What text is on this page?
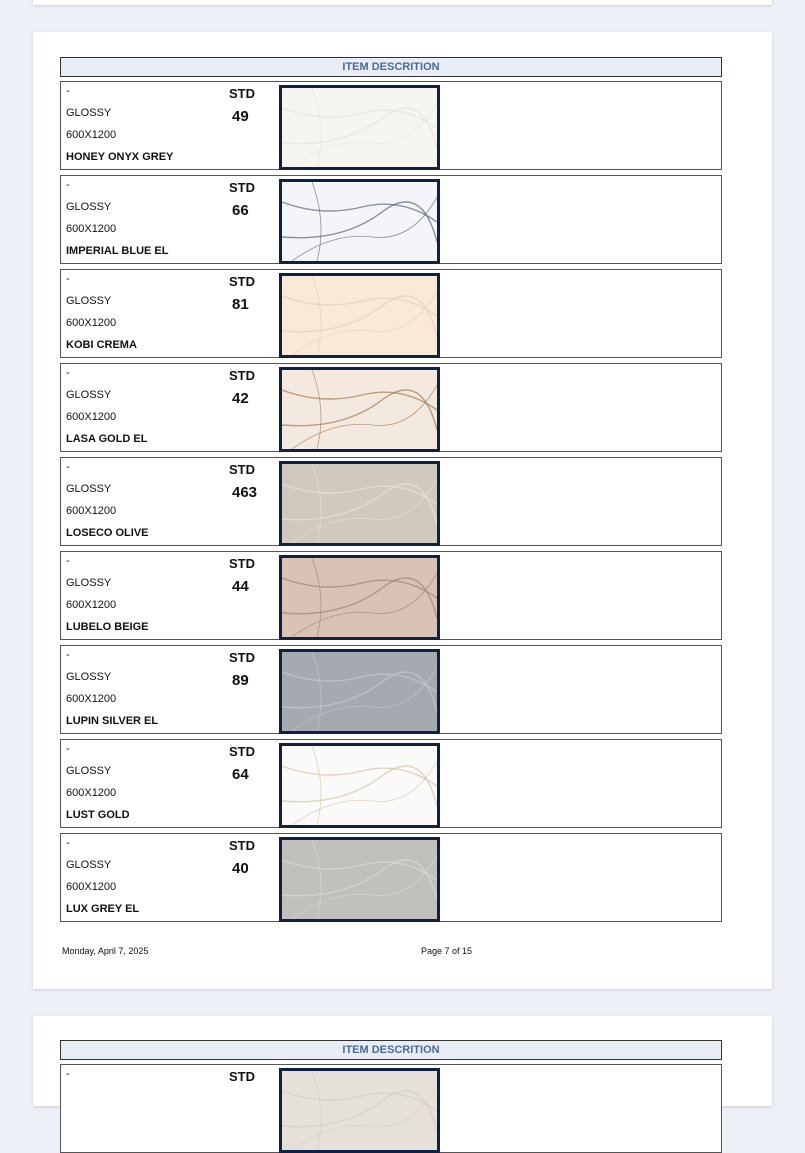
ITEM DESCRITION
-
GLOSSY
600X1200
HONEY ONYX GREY
STD
49
-
GLOSSY
600X1200
IMPERIAL BLUE EL
STD
66
-
GLOSSY
600X1200
KOBI CREMA
STD
81
-
GLOSSY
600X1200
LASA GOLD EL
STD
42
-
GLOSSY
600X1200
LOSECO OLIVE
STD
463
-
GLOSSY
600X1200
LUBELO BEIGE
STD
44
-
GLOSSY
600X1200
LUPIN SILVER EL
STD
89
-
GLOSSY
600X1200
LUST GOLD
STD
64
-
GLOSSY
600X1200
LUX GREY EL
STD
40
Monday, April 7, 2025	Page 7 of 15
ITEM DESCRITION
-	STD
